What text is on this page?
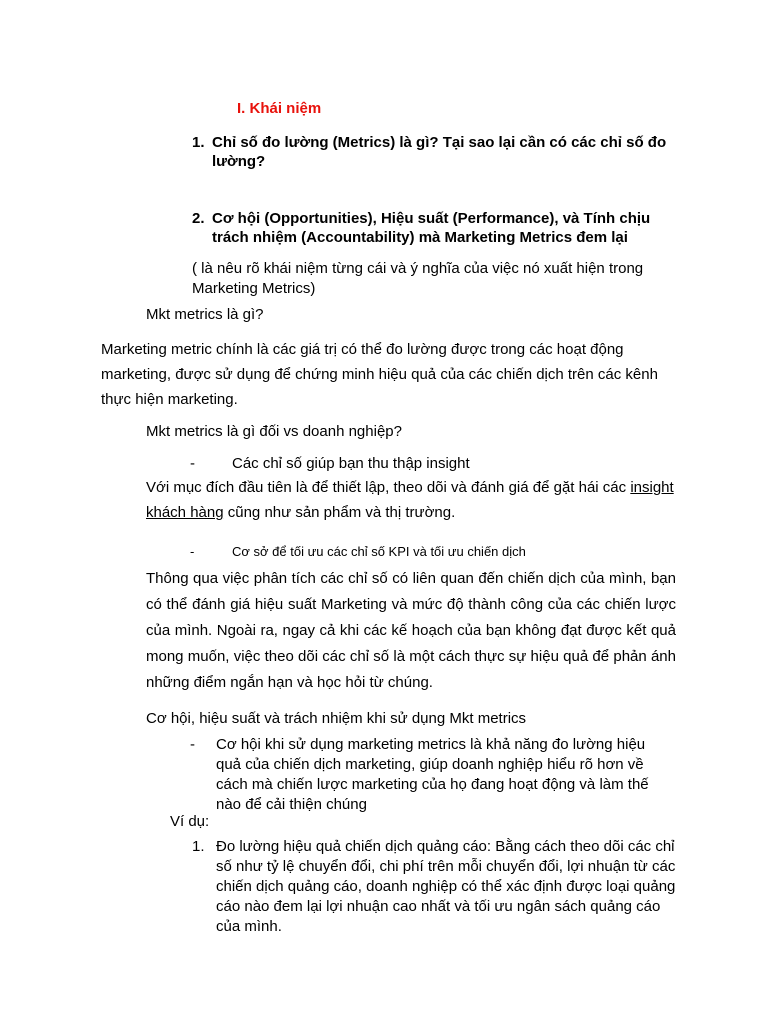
I. Khái niệm
1. Chỉ số đo lường (Metrics) là gì? Tại sao lại cần có các chỉ số đo lường?
2. Cơ hội (Opportunities), Hiệu suất (Performance), và Tính chịu trách nhiệm (Accountability) mà Marketing Metrics đem lại
( là nêu rõ khái niệm từng cái và ý nghĩa của việc nó xuất hiện trong Marketing Metrics)
Mkt metrics là gì?
Marketing metric chính là các giá trị có thể đo lường được trong các hoạt động marketing, được sử dụng để chứng minh hiệu quả của các chiến dịch trên các kênh thực hiện marketing.
Mkt metrics là gì đối vs doanh nghiệp?
-	Các chỉ số giúp bạn thu thập insight
Với mục đích đầu tiên là để thiết lập, theo dõi và đánh giá để gặt hái các insight khách hàng cũng như sản phẩm và thị trường.
-	Cơ sở để tối ưu các chỉ số KPI và tối ưu chiến dịch
Thông qua việc phân tích các chỉ số có liên quan đến chiến dịch của mình, bạn có thể đánh giá hiệu suất Marketing và mức độ thành công của các chiến lược của mình. Ngoài ra, ngay cả khi các kế hoạch của bạn không đạt được kết quả mong muốn, việc theo dõi các chỉ số là một cách thực sự hiệu quả để phản ánh những điểm ngắn hạn và học hỏi từ chúng.
Cơ hội, hiệu suất và trách nhiệm khi sử dụng Mkt metrics
-	Cơ hội khi sử dụng marketing metrics là khả năng đo lường hiệu quả của chiến dịch marketing, giúp doanh nghiệp hiểu rõ hơn về cách mà chiến lược marketing của họ đang hoạt động và làm thế nào để cải thiện chúng
Ví dụ:
1. Đo lường hiệu quả chiến dịch quảng cáo: Bằng cách theo dõi các chỉ số như tỷ lệ chuyển đổi, chi phí trên mỗi chuyển đổi, lợi nhuận từ các chiến dịch quảng cáo, doanh nghiệp có thể xác định được loại quảng cáo nào đem lại lợi nhuận cao nhất và tối ưu ngân sách quảng cáo của mình.
